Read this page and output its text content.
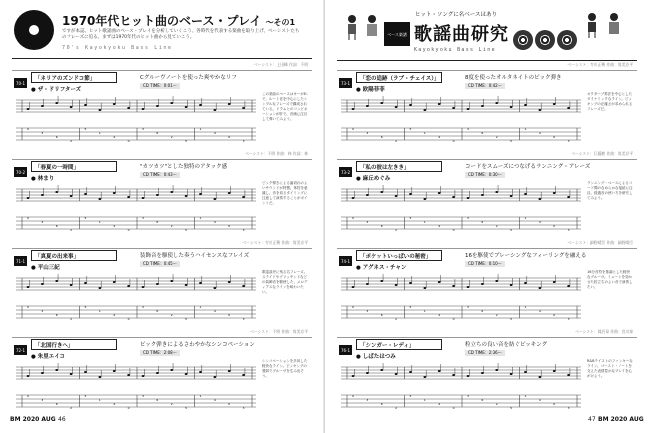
1970年代ヒット曲のベース・プレイ ～その1
ですが本誌、ヒット歌謡曲のベース・プレイを分析していくこう。各時代を代表する楽曲を取り上げ、ベーシストたちのフレーズに迫る。まずは1970年代のヒット曲から見ていこう。
70's Kayokyoku Bass Line
ベーシスト：上田峰 作詞：不明
70-1
「ネリアのズンドコ節」
● ザ・ドリフターズ
Cグルーヴノートを使った爽やかなリフ
CD TIME：0:01～
0
3
6
2
5
1
4
0
3
6
2
5
1
4
0
3
この楽曲のベースはキーがE♭で、ルート音を中心にしたシンプルなフレーズで構成されている。ドラムとのコンビネーションが肝で、音価に注目して弾いてみよう。
ベーシスト：不明 作曲：林 作詞：林
70-2
「春夏の一時間」
● 林まり
"カツカツ"とした独特のアタック感
CD TIME：0:43～
0
3
6
2
5
1
4
0
3
6
2
5
1
4
0
3
ピック弾きによる歯切れのよいサウンドが特徴。休符を意識し、音を切るタイミングに注意して演奏することがポイントだ。
ベーシスト：寺川正興 作曲：筒美京平
71-1
「真夏の出来事」
● 平山三紀
装飾音を駆使した奏うハイセンスなフレイズ
CD TIME：0:45～
0
3
6
2
5
1
4
0
3
6
2
5
1
4
0
3
歌謡曲史に残る名フレーズ。スライドやグリッサンドなどの装飾音を駆使した、メロディアスなラインを味わいたい。
ベーシスト：不明 作曲：筒美京平
72-1
「北国行きへ」
● 朱里エイコ
ピック弾きによるさわやかなシンコペーション
CD TIME：2:08～
0
3
6
2
5
1
4
0
3
6
2
5
1
4
0
3
シンコペーションを多用した軽快なライン。ピッキングの強弱でグルーヴを生み出そう。
BM 2020 AUG 46
ヒット・ソングに名ベースはあり
ベース楽譜 歌謡曲研究
Kayokyoku Bass Line
ベーシスト：寺川正興 作曲：筒美京平
73-1
「恋の追跡（ラブ・チェイス）」
● 欧陽菲菲
8度を使ったオルタネイトのピック弾き
CD TIME：0:42～
0
3
6
2
5
1
4
0
3
6
2
5
1
4
0
3
オクターブ奏法を中心としたダイナミックなライン。ピッキングの正確さが求められるフレーズだ。
ベーシスト：江藤勲 作曲：筒美京平
73-2
「私の彼は左きき」
● 麻丘めぐみ
コードをスムーズにつなげるランニング・アレーズ
CD TIME：0:30～
0
3
6
2
5
1
4
0
3
6
2
5
1
4
0
3
ランニング・ベースによるコード間のなめらかな接続に注目。経過音の使い方を研究してみよう。
ベーシスト：細野晴臣 作曲：細野晴臣
74-1
「ポケットいっぱいの秘密」
● アグネス・チャン
16を駆使でブレーシングなフィーリングを融える
CD TIME：0:10～
0
3
6
2
5
1
4
0
3
6
2
5
1
4
0
3
16分音符を基調とした軽快なグルーヴ。ミュートを効かせた粒立ちのよい音で演奏したい。
ベーシスト：岡沢章 作曲：宮川泰
76-1
「シンガー・レディ」
● しばたはつみ
粒立ちの良い音を紡ぐピッキング
CD TIME：2:36～
0
3
6
2
5
1
4
0
3
6
2
5
1
4
0
3
R&Bテイストのファンキーなライン。ゴースト・ノートを交えた表情豊かなプレイを心がけよう。
BM 2020 AUG
47
